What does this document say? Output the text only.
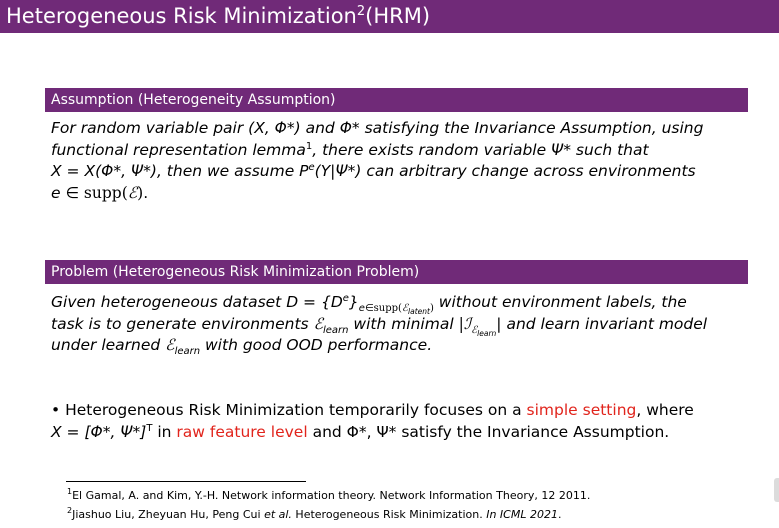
Heterogeneous Risk Minimization$^2$(HRM)
Assumption (Heterogeneity Assumption)
For random variable pair (X, Φ*) and Φ* satisfying the Invariance Assumption, using
functional representation lemma$^1$, there exists random variable Ψ* such that
X = X(Φ*, Ψ*), then we assume $P^e(Y|\Psi*)$ can arbitrary change across environments
e ∈ supp(ℰ).
Problem (Heterogeneous Risk Minimization Problem)
Given heterogeneous dataset $D = \{D^e\}_{e\in supp(ℰ_{latent})}$ without environment labels, the
task is to generate environments ℰ$_{learn}$ with minimal |ℐ$_{ℰ_{learn}}$| and learn invariant model
under learned ℰ$_{learn}$ with good OOD performance.
• Heterogeneous Risk Minimization temporarily focuses on a simple setting, where
X = [Φ*, Ψ*]$^T$ in raw feature level and Φ*, Ψ* satisfy the Invariance Assumption.
$^1$El Gamal, A. and Kim, Y.-H. Network information theory. Network Information Theory, 12 2011.
$^2$Jiashuo Liu, Zheyuan Hu, Peng Cui et al. Heterogeneous Risk Minimization. In ICML 2021.
